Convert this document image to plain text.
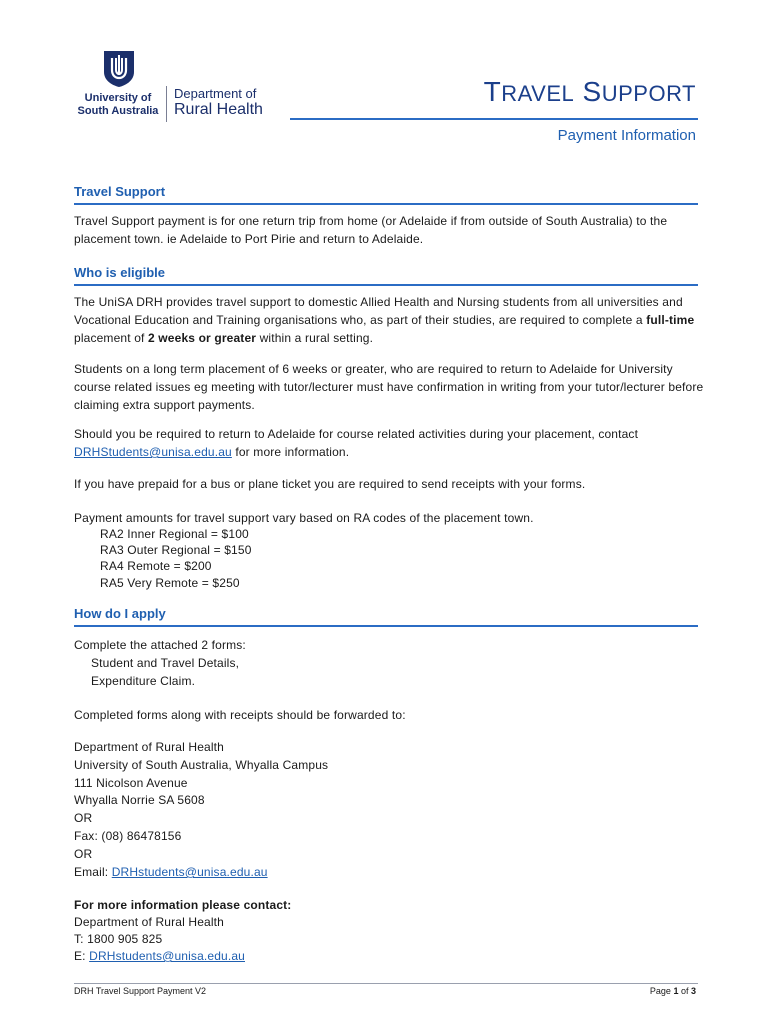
University of
South Australia
Department of
Rural Health
TRAVEL SUPPORT
Payment Information
Travel Support
Travel Support payment is for one return trip from home (or Adelaide if from outside of South Australia) to the placement town. ie Adelaide to Port Pirie and return to Adelaide.
Who is eligible
The UniSA DRH provides travel support to domestic Allied Health and Nursing students from all universities and Vocational Education and Training organisations who, as part of their studies, are required to complete a full-time placement of 2 weeks or greater within a rural setting.
Students on a long term placement of 6 weeks or greater, who are required to return to Adelaide for University course related issues eg meeting with tutor/lecturer must have confirmation in writing from your tutor/lecturer before claiming extra support payments.
Should you be required to return to Adelaide for course related activities during your placement, contact DRHStudents@unisa.edu.au for more information.
If you have prepaid for a bus or plane ticket you are required to send receipts with your forms.
Payment amounts for travel support vary based on RA codes of the placement town.
RA2 Inner Regional = $100
RA3 Outer Regional = $150
RA4 Remote = $200
RA5 Very Remote = $250
How do I apply
Complete the attached 2 forms:
Student and Travel Details,
Expenditure Claim.
Completed forms along with receipts should be forwarded to:
Department of Rural Health
University of South Australia, Whyalla Campus
111 Nicolson Avenue
Whyalla Norrie SA 5608
OR
Fax: (08) 86478156
OR
Email: DRHstudents@unisa.edu.au
For more information please contact:
Department of Rural Health
T: 1800 905 825
E: DRHstudents@unisa.edu.au
DRH Travel Support Payment V2	Page 1 of 3
